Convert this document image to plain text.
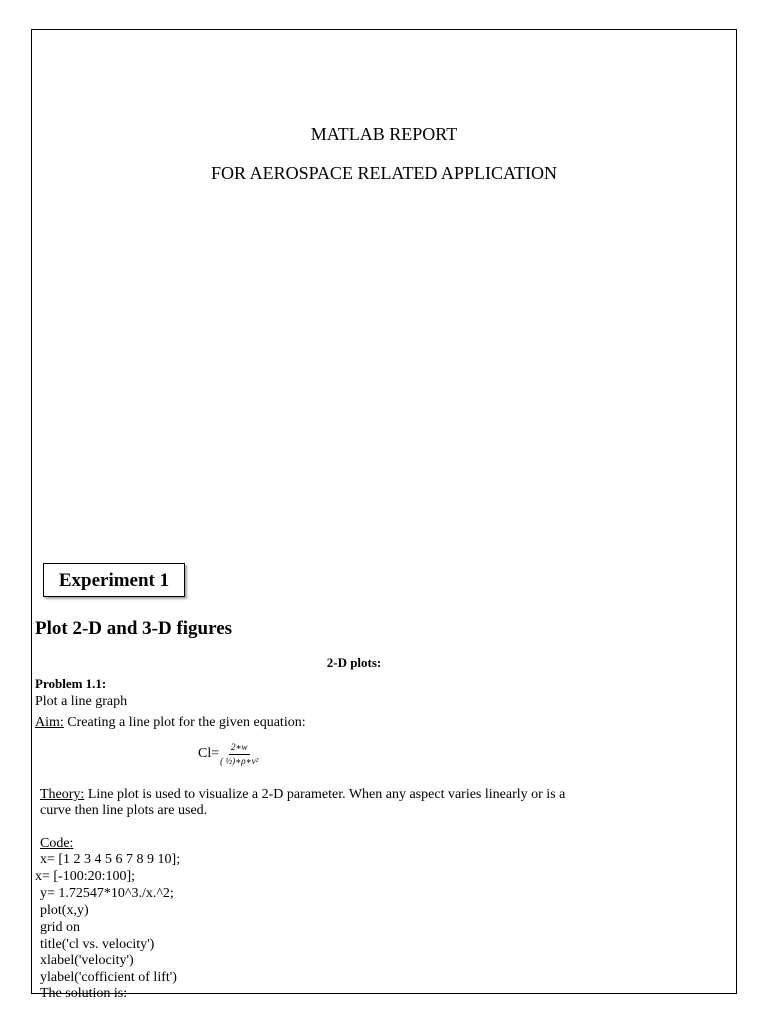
MATLAB REPORT
FOR AEROSPACE RELATED APPLICATION
Experiment 1
Plot 2-D and 3-D figures
2-D plots:
Problem 1.1:
Plot a line graph
Aim: Creating a line plot for the given equation:
$Cl= \frac{2∗w}{\text{( ½)∗ρ∗v²}}$
Theory: Line plot is used to visualize a 2-D parameter. When any aspect varies linearly or is a
curve then line plots are used.
Code:
x= [1 2 3 4 5 6 7 8 9 10];
x= [-100:20:100];
y= 1.72547*10^3./x.^2;
plot(x,y)
grid on
title('cl vs. velocity')
xlabel('velocity')
ylabel('cofficient of lift')
The solution is:
